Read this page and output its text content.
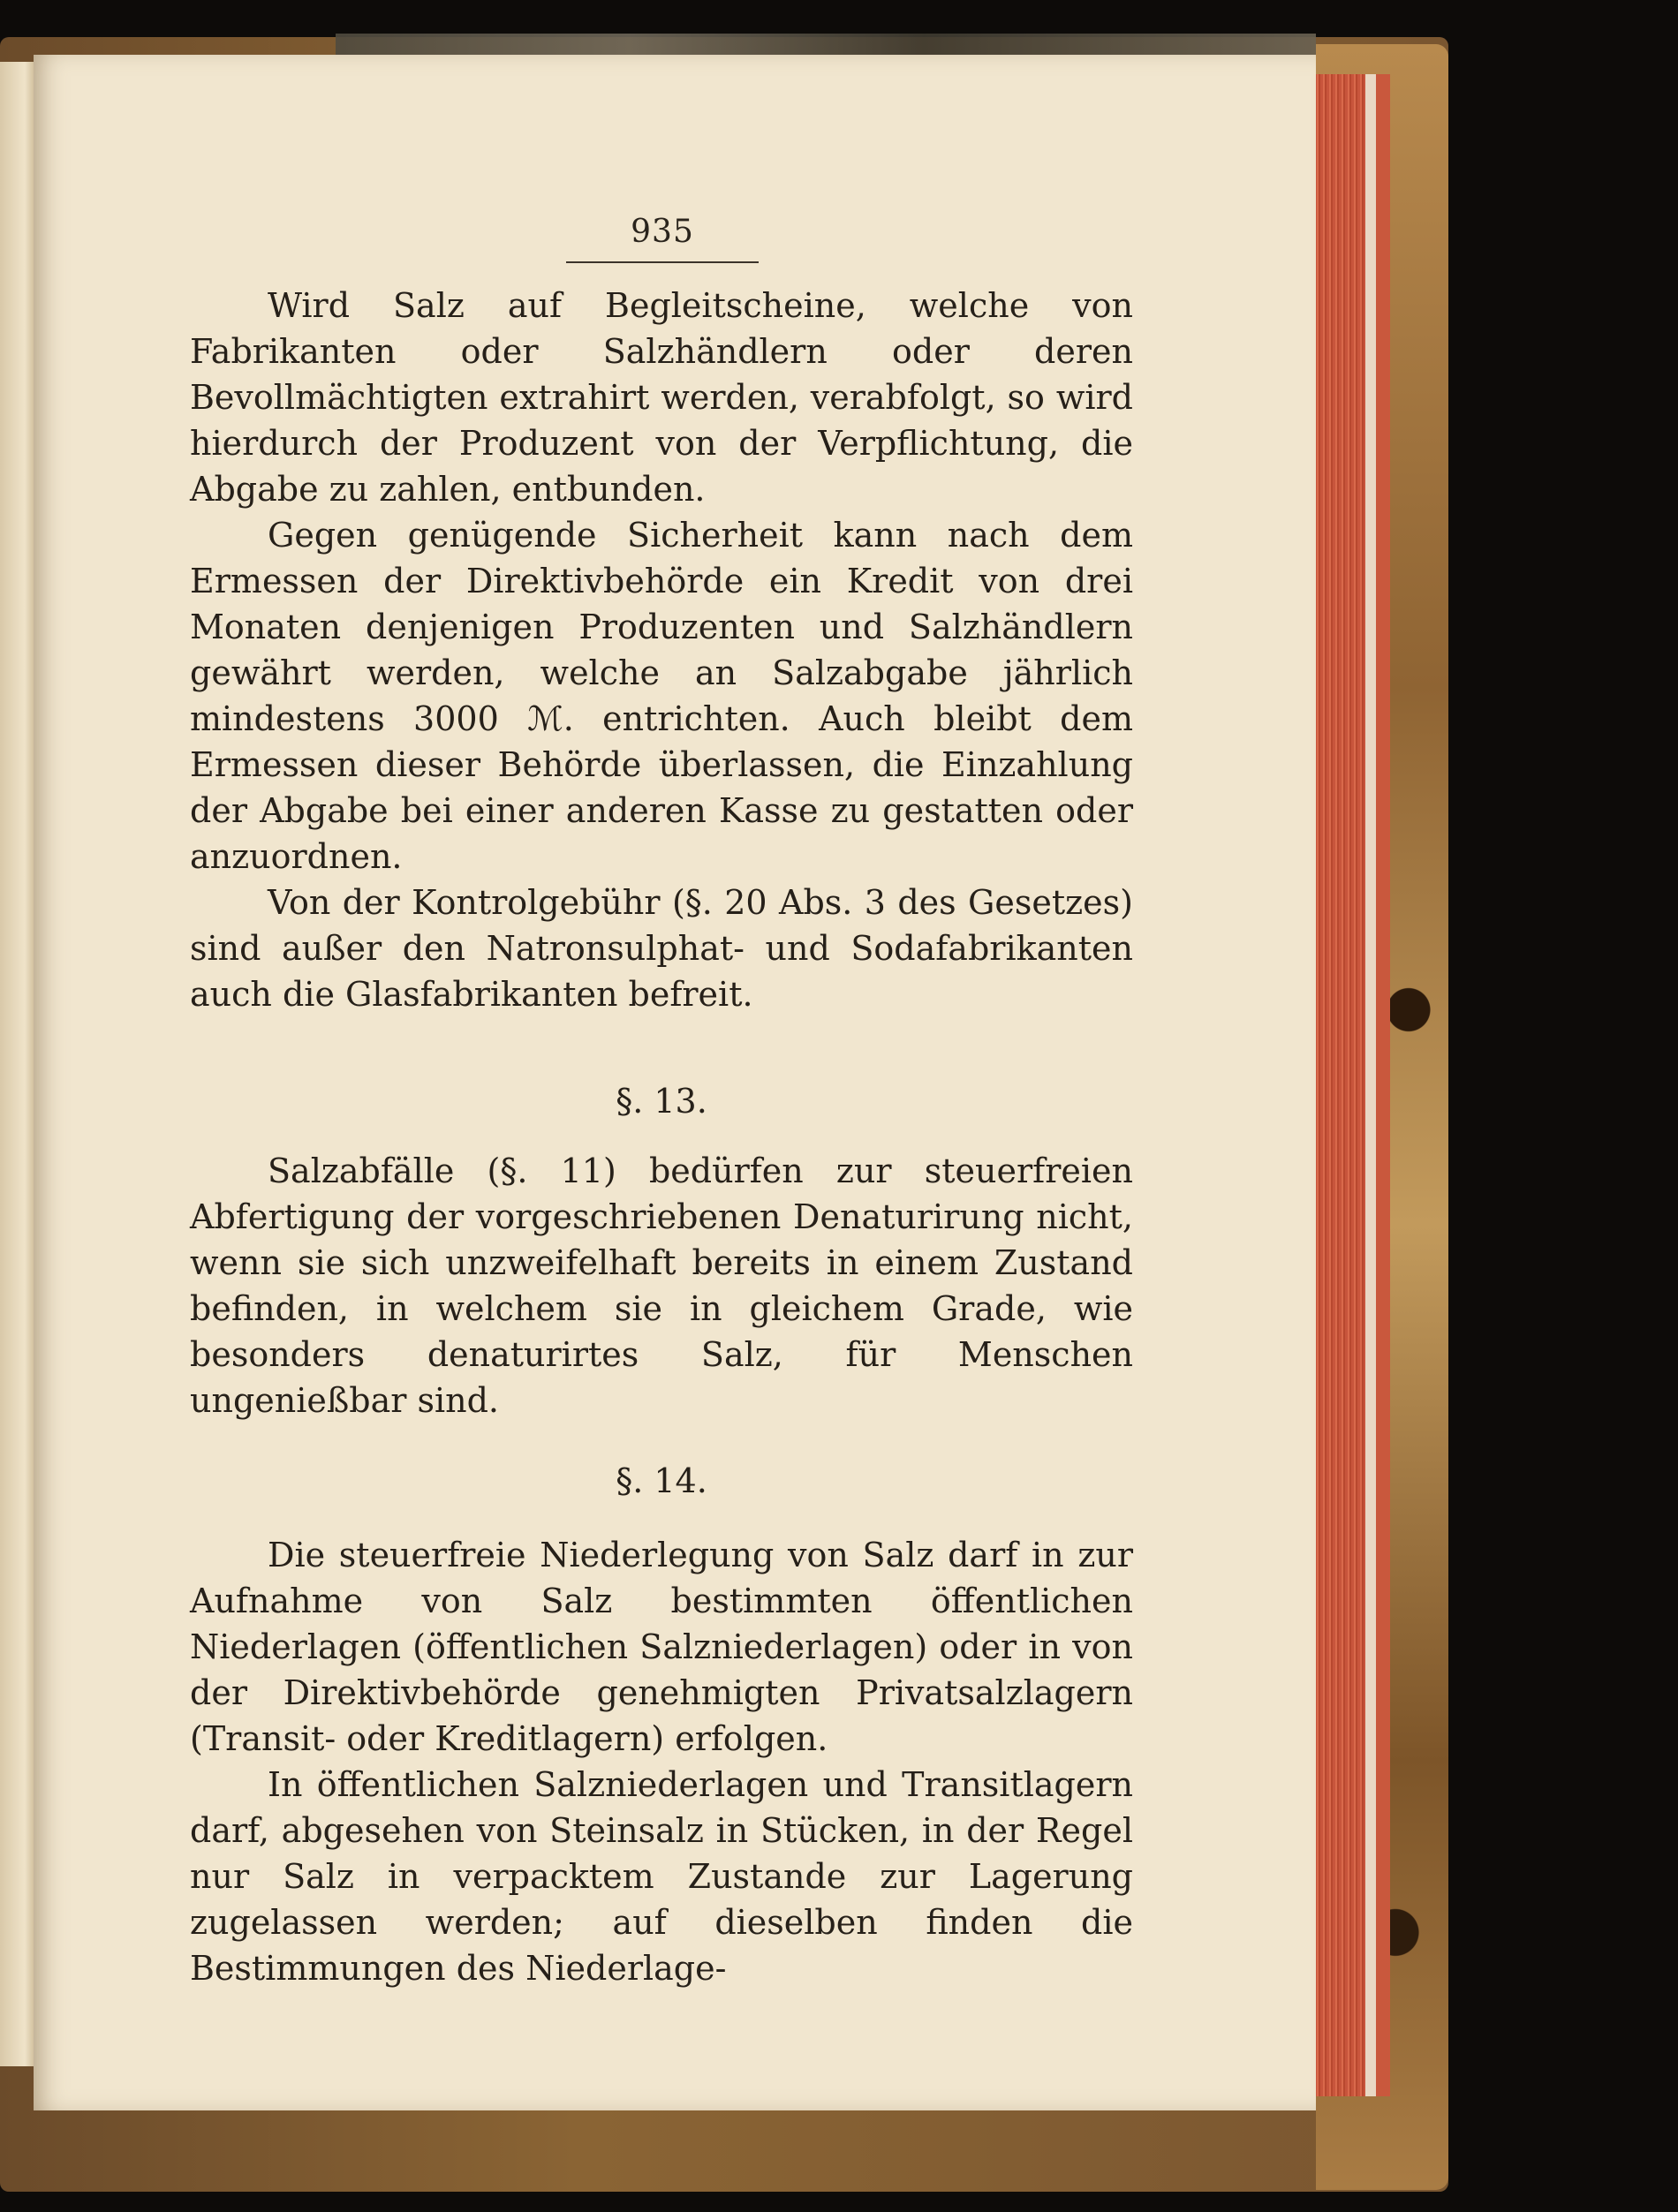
935

Wird Salz auf Begleitscheine, welche von Fabrikanten oder Salzhändlern oder deren Bevollmächtigten extrahirt werden, verabfolgt, so wird hierdurch der Produzent von der Verpflichtung, die Abgabe zu zahlen, entbunden.

Gegen genügende Sicherheit kann nach dem Ermessen der Direktivbehörde ein Kredit von drei Monaten denjenigen Produzenten und Salzhändlern gewährt werden, welche an Salzabgabe jährlich mindestens 3000 ℳ. entrichten. Auch bleibt dem Ermessen dieser Behörde überlassen, die Einzahlung der Abgabe bei einer anderen Kasse zu gestatten oder anzuordnen.

Von der Kontrolgebühr (§. 20 Abs. 3 des Gesetzes) sind außer den Natronsulphat- und Sodafabrikanten auch die Glasfabrikanten befreit.

§. 13.

Salzabfälle (§. 11) bedürfen zur steuerfreien Abfertigung der vorgeschriebenen Denaturirung nicht, wenn sie sich unzweifelhaft bereits in einem Zustand befinden, in welchem sie in gleichem Grade, wie besonders denaturirtes Salz, für Menschen ungenießbar sind.

§. 14.

Die steuerfreie Niederlegung von Salz darf in zur Aufnahme von Salz bestimmten öffentlichen Niederlagen (öffentlichen Salzniederlagen) oder in von der Direktivbehörde genehmigten Privatsalzlagern (Transit- oder Kreditlagern) erfolgen.

In öffentlichen Salzniederlagen und Transitlagern darf, abgesehen von Steinsalz in Stücken, in der Regel nur Salz in verpacktem Zustande zur Lagerung zugelassen werden; auf dieselben finden die Bestimmungen des Niederlage-
